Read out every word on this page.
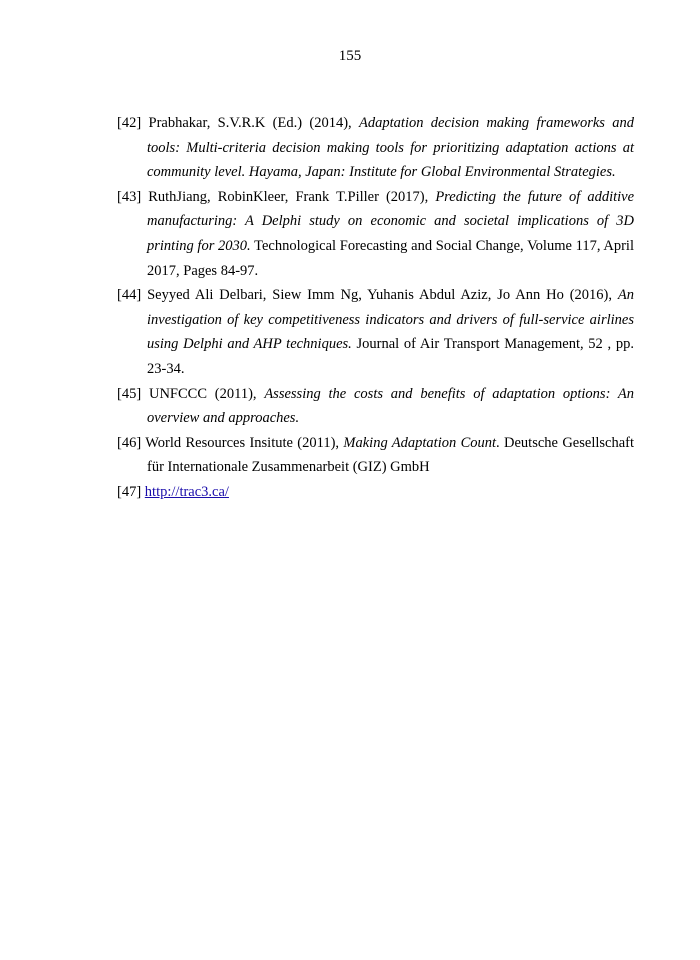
155
[42] Prabhakar, S.V.R.K (Ed.) (2014), Adaptation decision making frameworks and tools: Multi-criteria decision making tools for prioritizing adaptation actions at community level. Hayama, Japan: Institute for Global Environmental Strategies.
[43] RuthJiang, RobinKleer, Frank T.Piller (2017), Predicting the future of additive manufacturing: A Delphi study on economic and societal implications of 3D printing for 2030. Technological Forecasting and Social Change, Volume 117, April 2017, Pages 84-97.
[44] Seyyed Ali Delbari, Siew Imm Ng, Yuhanis Abdul Aziz, Jo Ann Ho (2016), An investigation of key competitiveness indicators and drivers of full-service airlines using Delphi and AHP techniques. Journal of Air Transport Management, 52 , pp. 23-34.
[45] UNFCCC (2011), Assessing the costs and benefits of adaptation options: An overview and approaches.
[46] World Resources Insitute (2011), Making Adaptation Count. Deutsche Gesellschaft für Internationale Zusammenarbeit (GIZ) GmbH
[47] http://trac3.ca/
